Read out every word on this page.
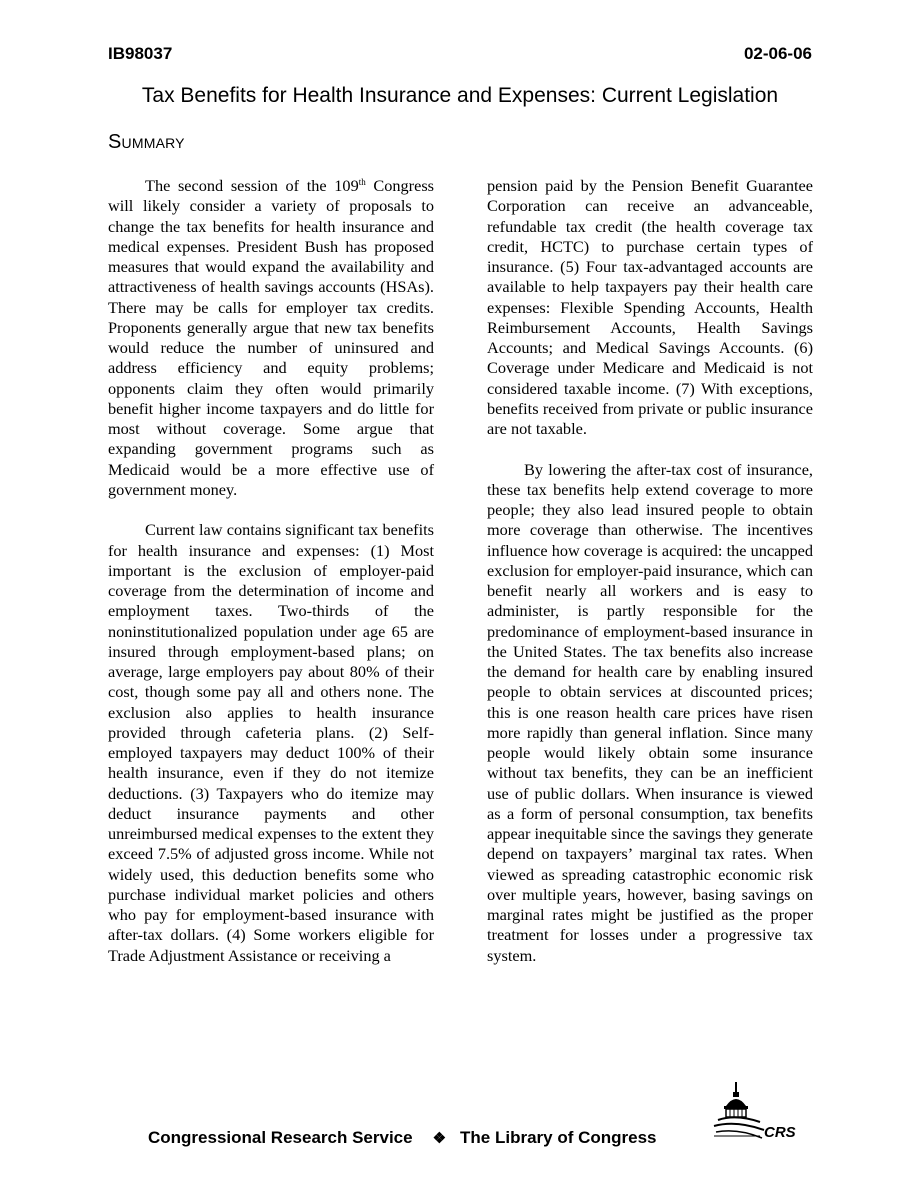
IB98037	02-06-06
Tax Benefits for Health Insurance and Expenses: Current Legislation
Summary

The second session of the 109th Congress will likely consider a variety of proposals to change the tax benefits for health insurance and medical expenses. President Bush has proposed measures that would expand the availability and attractiveness of health savings accounts (HSAs). There may be calls for employer tax credits. Proponents generally argue that new tax benefits would reduce the number of uninsured and address efficiency and equity problems; opponents claim they often would primarily benefit higher income taxpayers and do little for most without coverage. Some argue that expanding government programs such as Medicaid would be a more effective use of government money.

Current law contains significant tax benefits for health insurance and expenses: (1) Most important is the exclusion of employer-paid coverage from the determination of income and employment taxes. Two-thirds of the noninstitutionalized population under age 65 are insured through employment-based plans; on average, large employers pay about 80% of their cost, though some pay all and others none. The exclusion also applies to health insurance provided through cafeteria plans. (2) Self-employed taxpayers may deduct 100% of their health insurance, even if they do not itemize deductions. (3) Taxpayers who do itemize may deduct insurance payments and other unreimbursed medical expenses to the extent they exceed 7.5% of adjusted gross income. While not widely used, this deduction benefits some who purchase individual market policies and others who pay for employment-based insurance with after-tax dollars. (4) Some workers eligible for Trade Adjustment Assistance or receiving a

pension paid by the Pension Benefit Guarantee Corporation can receive an advanceable, refundable tax credit (the health coverage tax credit, HCTC) to purchase certain types of insurance. (5) Four tax-advantaged accounts are available to help taxpayers pay their health care expenses: Flexible Spending Accounts, Health Reimbursement Accounts, Health Savings Accounts; and Medical Savings Accounts. (6) Coverage under Medicare and Medicaid is not considered taxable income. (7) With exceptions, benefits received from private or public insurance are not taxable.

By lowering the after-tax cost of insurance, these tax benefits help extend coverage to more people; they also lead insured people to obtain more coverage than otherwise. The incentives influence how coverage is acquired: the uncapped exclusion for employer-paid insurance, which can benefit nearly all workers and is easy to administer, is partly responsible for the predominance of employment-based insurance in the United States. The tax benefits also increase the demand for health care by enabling insured people to obtain services at discounted prices; this is one reason health care prices have risen more rapidly than general inflation. Since many people would likely obtain some insurance without tax benefits, they can be an inefficient use of public dollars. When insurance is viewed as a form of personal consumption, tax benefits appear inequitable since the savings they generate depend on taxpayers’ marginal tax rates. When viewed as spreading catastrophic economic risk over multiple years, however, basing savings on marginal rates might be justified as the proper treatment for losses under a progressive tax system.

Congressional Research Service ❖ The Library of Congress	CRS
